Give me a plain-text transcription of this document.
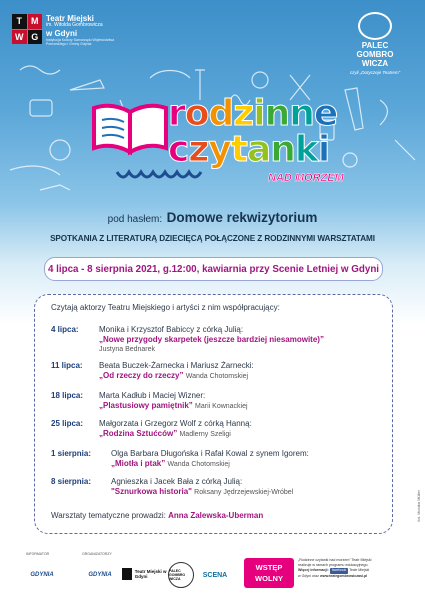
T	M
W G
Teatr Miejski
im. Witolda Gombrowicza
w Gdyni
Instytucja Kultury Samorządu Województwa Pomorskiego i Gminy Gdynia	PALEC
GOMBRO
WICZA
czyli „Dotyczeje Teatrem”
rodzinne
czytanki
NAD MORZEM
pod hasłem: Domowe rekwizytorium
SPOTKANIA Z LITERATURĄ DZIECIĘCĄ POŁĄCZONE Z RODZINNYMI WARSZTATAMI
4 lipca - 8 sierpnia 2021, g.12:00, kawiarnia przy Scenie Letniej w Gdyni
Czytają aktorzy Teatru Miejskiego i artyści z nim współpracujący:
4 lipca:	Monika i Krzysztof Babiccy z córką Julią:
„Nowe przygody skarpetek (jeszcze bardziej niesamowite)”
Justyna Bednarek
11 lipca: Beata Buczek-Żarnecka i Mariusz Żarnecki:
„Od rzeczy do rzeczy” Wanda Chotomskiej
18 lipca: Marta Kadłub i Maciej Wizner:
„Plastusiowy pamiętnik” Marii Kownackiej
25 lipca: Małgorzata i Grzegorz Wolf z córką Hanną:
„Rodzina Sztućców” Madlerny Szeligi
1 sierpnia: Olga Barbara Długońska i Rafał Kowal z synem Igorem:
„Miotła i ptak” Wanda Chotomskiej
8 sierpnia: Agnieszka i Jacek Bała z córką Julią:
"Sznurkowa historia" Roksany Jędrzejewskiej-Wróbel
Warsztaty tematyczne prowadzi: Anna Zalewska-Uberman	fot. Monika Müller
INFORMATOR	ORGANIZATORZY
GDYNIA	GDYNIA
Teatr Miejski w Gdyni
PALEC GOMBRO WICZA
SCENA
WSTĘP
WOLNY
„Rodzinne czytanki nad morzem” Teatr Miejski
realizuje w ramach programu edukacyjnego.
Więcej informacji: facebook Teatr Miejski
w Gdyni oraz www.teatrgombrowiczasi.pl
